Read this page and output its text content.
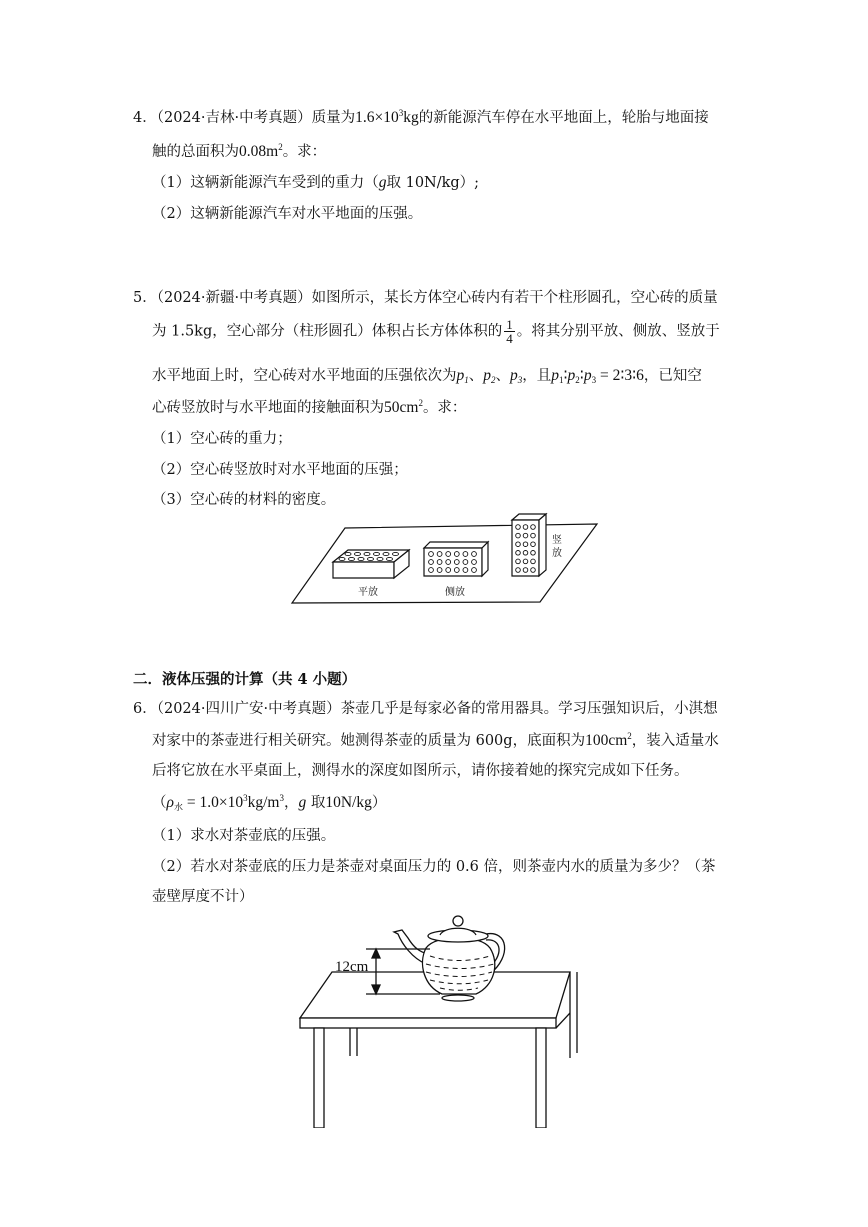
4．（2024·吉林·中考真题）质量为$1.6\times 10^3kg$的新能源汽车停在水平地面上，轮胎与地面接
触的总面积为$0.08m^2$。求：
（1）这辆新能源汽车受到的重力（g取 10N/kg）;
（2）这辆新能源汽车对水平地面的压强。
5．（2024·新疆·中考真题）如图所示，某长方体空心砖内有若干个柱形圆孔，空心砖的质量
为 1.5kg，空心部分（柱形圆孔）体积占长方体体积的 $\frac{1}{4}$ 。将其分别平放、侧放、竖放于
水平地面上时，空心砖对水平地面的压强依次为$p_1$、$p_2$、$p_3$，且$p_1∶p_2∶p_3$ = 2∶3∶6，已知空
心砖竖放时与水平地面的接触面积为$50cm^2$。求：
（1）空心砖的重力；
（2）空心砖竖放时对水平地面的压强；
（3）空心砖的材料的密度。
平放	侧放
竖
放
二．液体压强的计算（共 4 小题）
6．（2024·四川广安·中考真题）茶壶几乎是每家必备的常用器具。学习压强知识后，小淇想
对家中的茶壶进行相关研究。她测得茶壶的质量为 600g，底面积为$100cm^2$，装入适量水
后将它放在水平桌面上，测得水的深度如图所示，请你接着她的探究完成如下任务。
（$\rho_水 = 1.0\times 10^3kg/m^3$，g 取10N/kg）
（1）求水对茶壶底的压强。
（2）若水对茶壶底的压力是茶壶对桌面压力的 0.6 倍，则茶壶内水的质量为多少？（茶
壶壁厚度不计）
12cm
